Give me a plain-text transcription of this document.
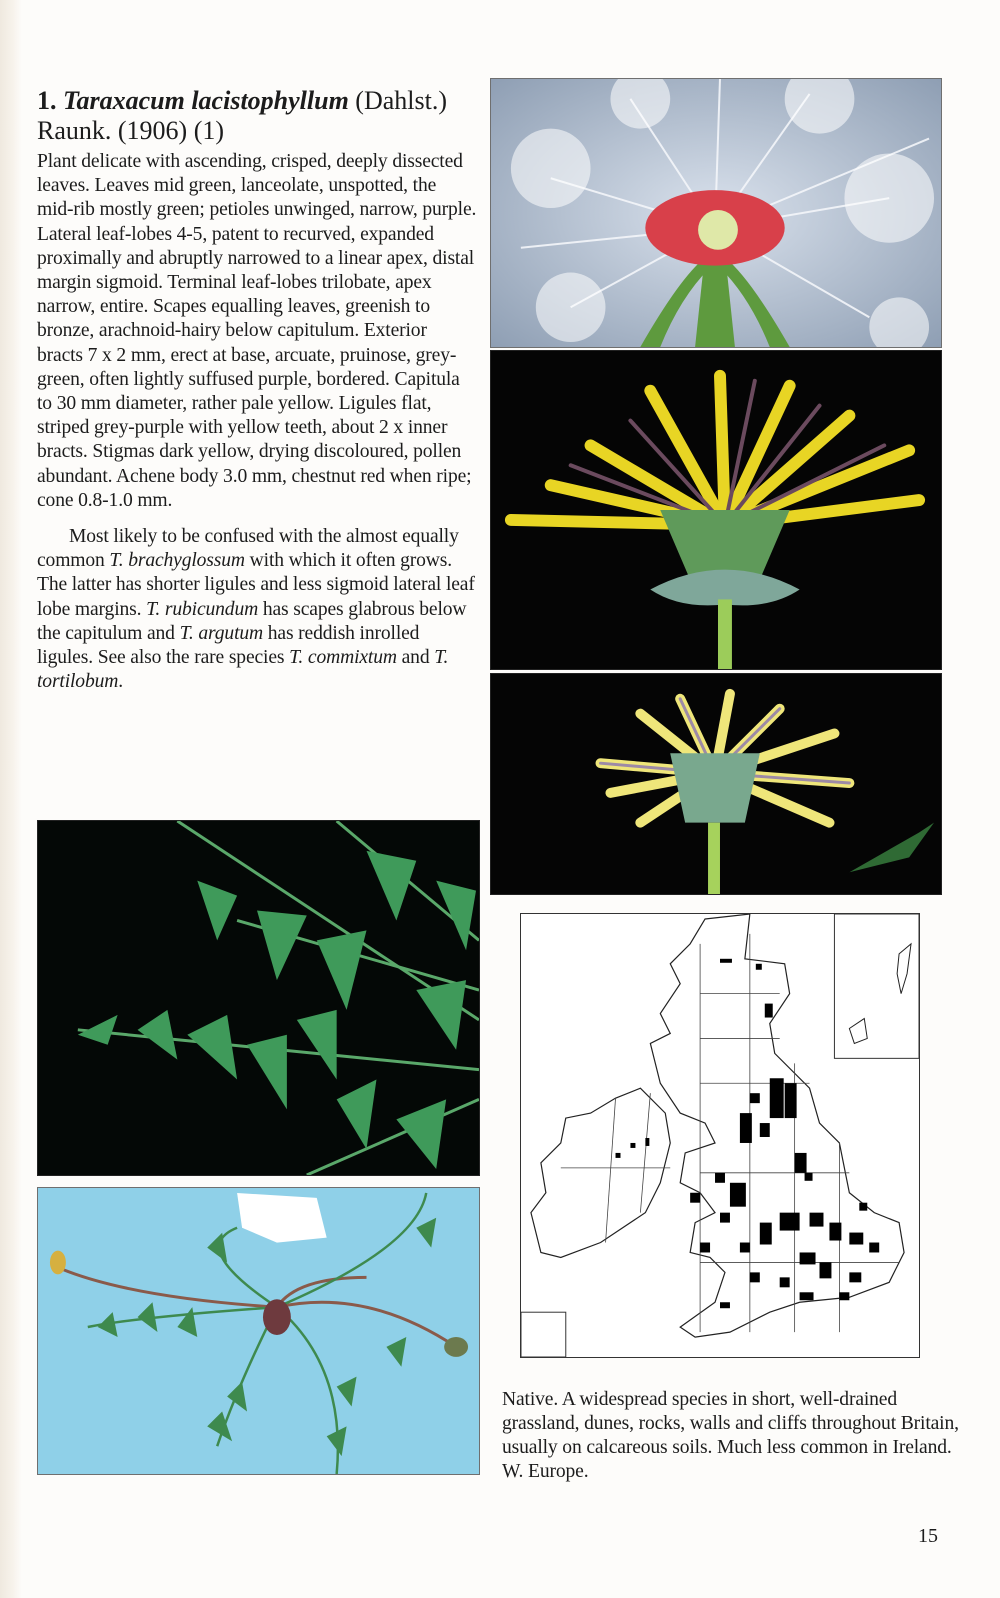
1. Taraxacum lacistophyllum (Dahlst.)
Raunk. (1906) (1)

Plant delicate with ascending, crisped, deeply dissected leaves. Leaves mid green, lanceolate, unspotted, the mid-rib mostly green; petioles unwinged, narrow, purple. Lateral leaf-lobes 4-5, patent to recurved, expanded proximally and abruptly narrowed to a linear apex, distal margin sigmoid. Terminal leaf-lobes trilobate, apex narrow, entire. Scapes equalling leaves, greenish to bronze, arachnoid-hairy below capitulum. Exterior bracts 7 x 2 mm, erect at base, arcuate, pruinose, grey-green, often lightly suffused purple, bordered. Capitula to 30 mm diameter, rather pale yellow. Ligules flat, striped grey-purple with yellow teeth, about 2 x inner bracts. Stigmas dark yellow, drying discoloured, pollen abundant. Achene body 3.0 mm, chestnut red when ripe; cone 0.8-1.0 mm.

Most likely to be confused with the almost equally common T. brachyglossum with which it often grows. The latter has shorter ligules and less sigmoid lateral leaf lobe margins. T. rubicundum has scapes glabrous below the capitulum and T. argutum has reddish inrolled ligules. See also the rare species T. commixtum and T. tortilobum.

Native. A widespread species in short, well-drained grassland, dunes, rocks, walls and cliffs throughout Britain, usually on calcareous soils. Much less common in Ireland. W. Europe.

15
